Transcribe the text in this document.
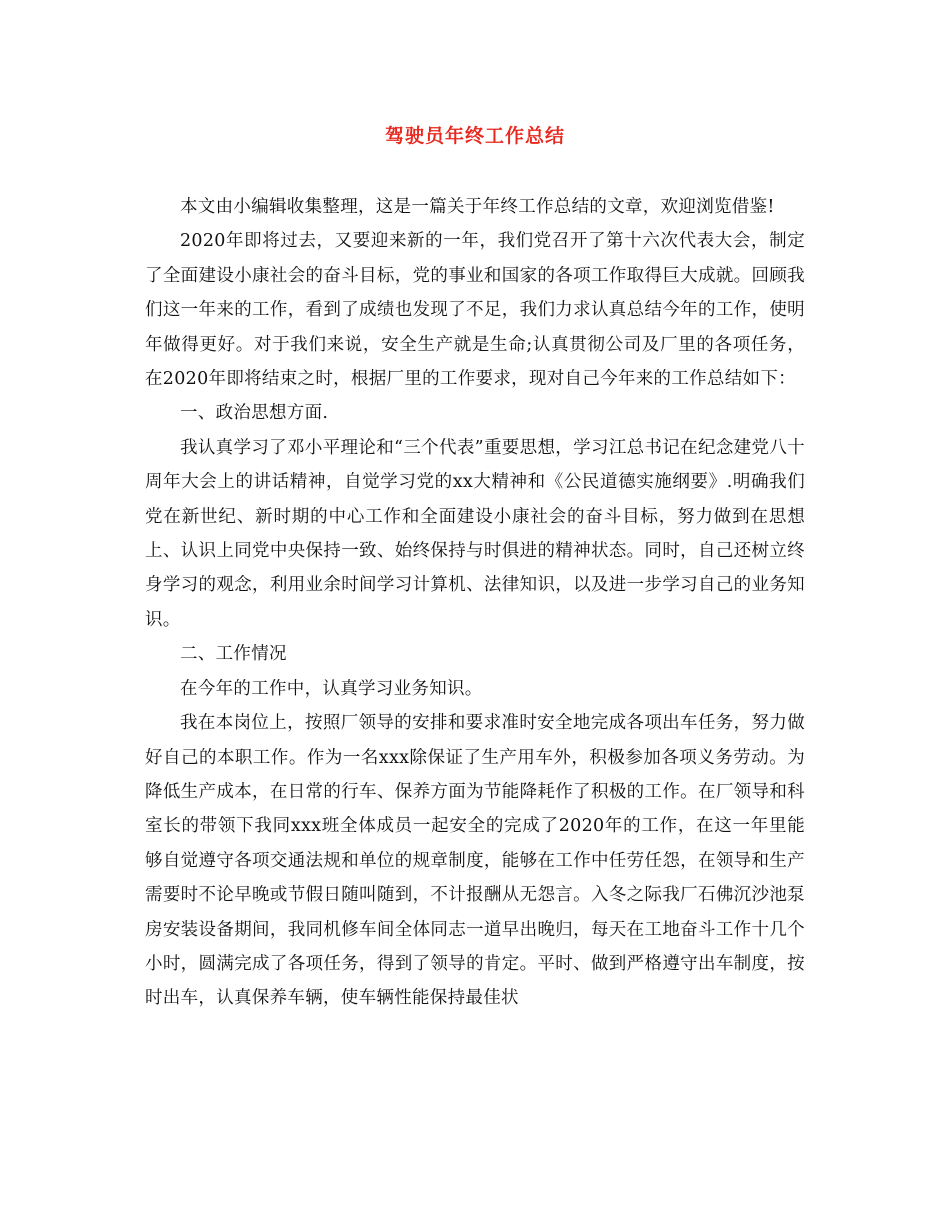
驾驶员年终工作总结

本文由小编辑收集整理，这是一篇关于年终工作总结的文章，欢迎浏览借鉴!

2020年即将过去，又要迎来新的一年，我们党召开了第十六次代表大会，制定了全面建设小康社会的奋斗目标，党的事业和国家的各项工作取得巨大成就。回顾我们这一年来的工作，看到了成绩也发现了不足，我们力求认真总结今年的工作，使明年做得更好。对于我们来说，安全生产就是生命;认真贯彻公司及厂里的各项任务，在2020年即将结束之时，根据厂里的工作要求，现对自己今年来的工作总结如下：

一、政治思想方面.

我认真学习了邓小平理论和“三个代表”重要思想，学习江总书记在纪念建党八十周年大会上的讲话精神，自觉学习党的xx大精神和《公民道德实施纲要》.明确我们党在新世纪、新时期的中心工作和全面建设小康社会的奋斗目标，努力做到在思想上、认识上同党中央保持一致、始终保持与时俱进的精神状态。同时，自己还树立终身学习的观念，利用业余时间学习计算机、法律知识，以及进一步学习自己的业务知识。

二、工作情况

在今年的工作中，认真学习业务知识。

我在本岗位上，按照厂领导的安排和要求准时安全地完成各项出车任务，努力做好自己的本职工作。作为一名xxx除保证了生产用车外，积极参加各项义务劳动。为降低生产成本，在日常的行车、保养方面为节能降耗作了积极的工作。在厂领导和科室长的带领下我同xxx班全体成员一起安全的完成了2020年的工作，在这一年里能够自觉遵守各项交通法规和单位的规章制度，能够在工作中任劳任怨，在领导和生产需要时不论早晚或节假日随叫随到，不计报酬从无怨言。入冬之际我厂石佛沉沙池泵房安装设备期间，我同机修车间全体同志一道早出晚归，每天在工地奋斗工作十几个小时，圆满完成了各项任务，得到了领导的肯定。平时、做到严格遵守出车制度，按时出车，认真保养车辆，使车辆性能保持最佳状
